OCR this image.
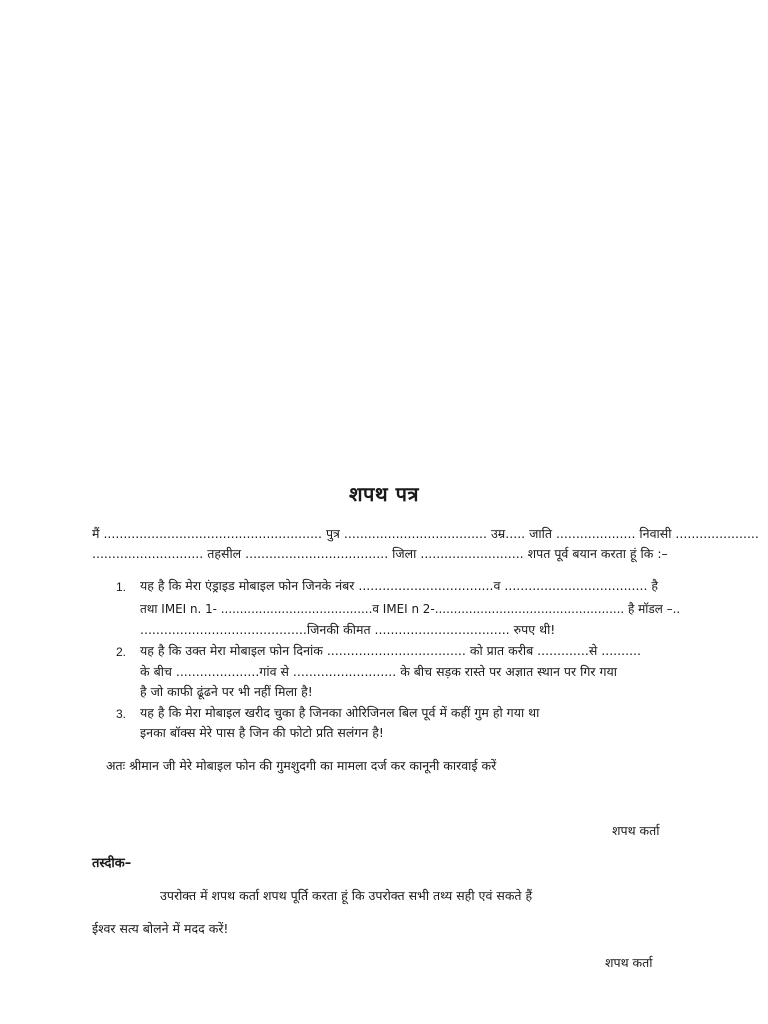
शपथ पत्र
मैं ....................................................... पुत्र .................................... उम्र..... जाति .................... निवासी .....................
............................ तहसील .................................... जिला .......................... शपत पूर्व बयान करता हूं कि :–
1. यह है कि मेरा एंड्राइड मोबाइल फोन जिनके नंबर ..................................व .................................... है
तथा IMEI n. 1- ........................................व IMEI n 2-.................................................. है मॉडल –..
..........................................जिनकी कीमत .................................. रुपए थी!
2. यह है कि उक्त मेरा मोबाइल फोन दिनांक ................................... को प्रात करीब .............से ..........
के बीच .....................गांव से .......................... के बीच सड़क रास्ते पर अज्ञात स्थान पर गिर गया
है जो काफी ढूंढने पर भी नहीं मिला है!
3. यह है कि मेरा मोबाइल खरीद चुका है जिनका ओरिजिनल बिल पूर्व में कहीं गुम हो गया था
इनका बॉक्स मेरे पास है जिन की फोटो प्रति सलंगन है!
अतः श्रीमान जी मेरे मोबाइल फोन की गुमशुदगी का मामला दर्ज कर कानूनी कारवाई करें
शपथ कर्ता
तस्दीक–
उपरोक्त में शपथ कर्ता शपथ पूर्ति करता हूं कि उपरोक्त सभी तथ्य सही एवं सकते हैं
ईश्वर सत्य बोलने में मदद करें!
शपथ कर्ता
